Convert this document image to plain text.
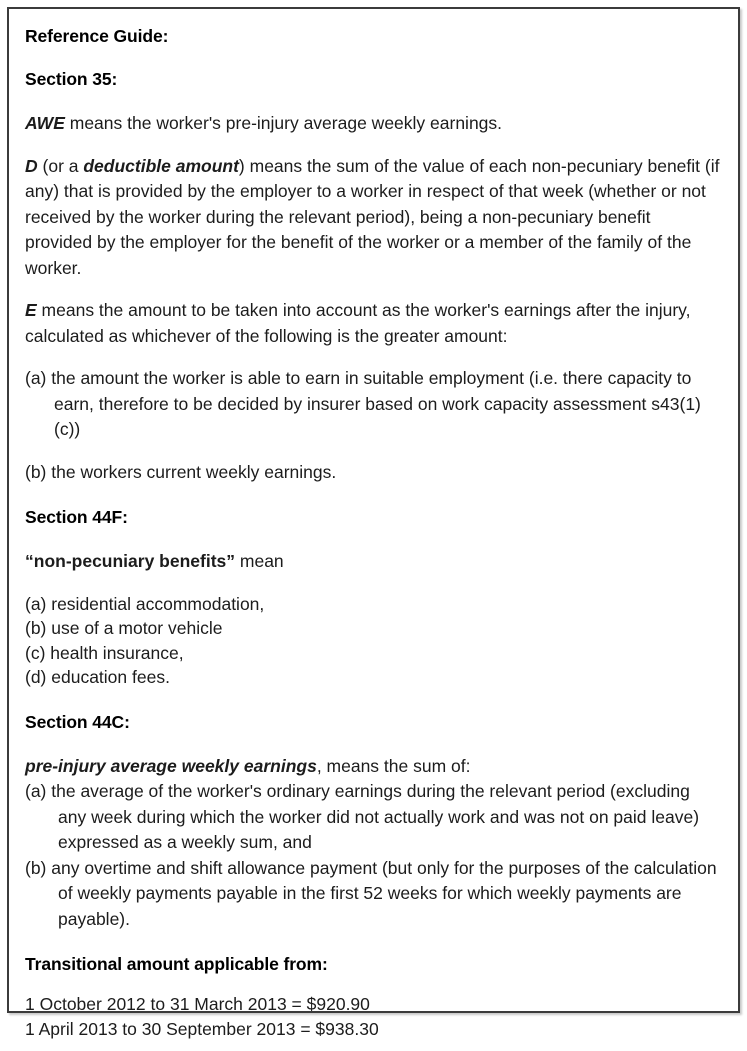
Reference Guide:
Section 35:
AWE means the worker's pre-injury average weekly earnings.
D (or a deductible amount) means the sum of the value of each non-pecuniary benefit (if any) that is provided by the employer to a worker in respect of that week (whether or not received by the worker during the relevant period), being a non-pecuniary benefit provided by the employer for the benefit of the worker or a member of the family of the worker.
E means the amount to be taken into account as the worker's earnings after the injury, calculated as whichever of the following is the greater amount:
(a) the amount the worker is able to earn in suitable employment (i.e. there capacity to earn, therefore to be decided by insurer based on work capacity assessment s43(1)(c))
(b) the workers current weekly earnings.
Section 44F:
“non-pecuniary benefits” mean
(a) residential accommodation,
(b) use of a motor vehicle
(c) health insurance,
(d) education fees.
Section 44C:
pre-injury average weekly earnings, means the sum of:
(a) the average of the worker's ordinary earnings during the relevant period (excluding any week during which the worker did not actually work and was not on paid leave) expressed as a weekly sum, and
(b) any overtime and shift allowance payment (but only for the purposes of the calculation of weekly payments payable in the first 52 weeks for which weekly payments are payable).
Transitional amount applicable from:
1 October 2012 to 31 March 2013 = $920.90
1 April 2013 to 30 September 2013 = $938.30
